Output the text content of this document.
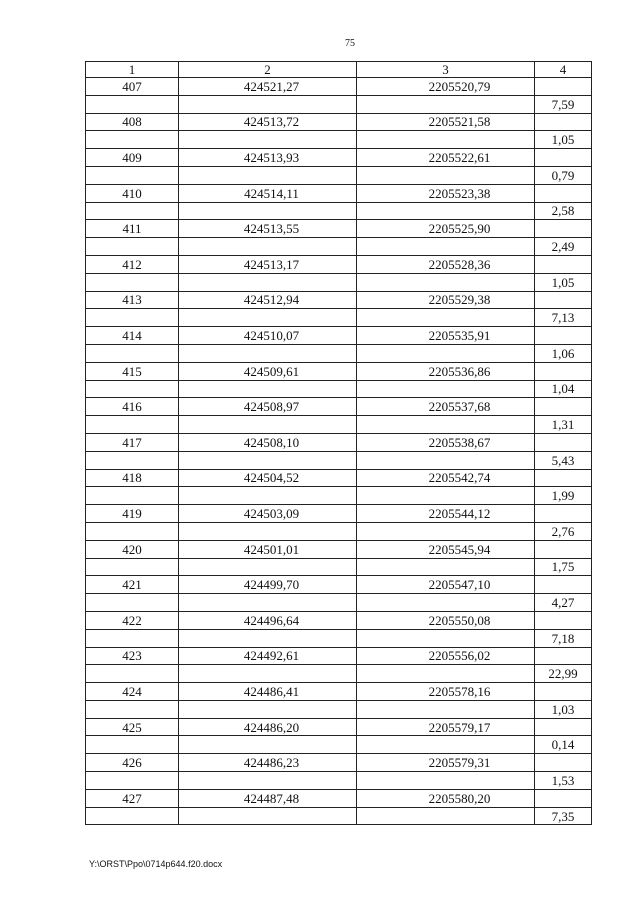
75
1	2	3	4
407	424521,27	2205520,79	
			7,59
408	424513,72	2205521,58	
			1,05
409	424513,93	2205522,61	
			0,79
410	424514,11	2205523,38	
			2,58
411	424513,55	2205525,90	
			2,49
412	424513,17	2205528,36	
			1,05
413	424512,94	2205529,38	
			7,13
414	424510,07	2205535,91	
			1,06
415	424509,61	2205536,86	
			1,04
416	424508,97	2205537,68	
			1,31
417	424508,10	2205538,67	
			5,43
418	424504,52	2205542,74	
			1,99
419	424503,09	2205544,12	
			2,76
420	424501,01	2205545,94	
			1,75
421	424499,70	2205547,10	
			4,27
422	424496,64	2205550,08	
			7,18
423	424492,61	2205556,02	
			22,99
424	424486,41	2205578,16	
			1,03
425	424486,20	2205579,17	
			0,14
426	424486,23	2205579,31	
			1,53
427	424487,48	2205580,20	
			7,35
Y:\ORST\Ppo\0714p644.f20.docx
